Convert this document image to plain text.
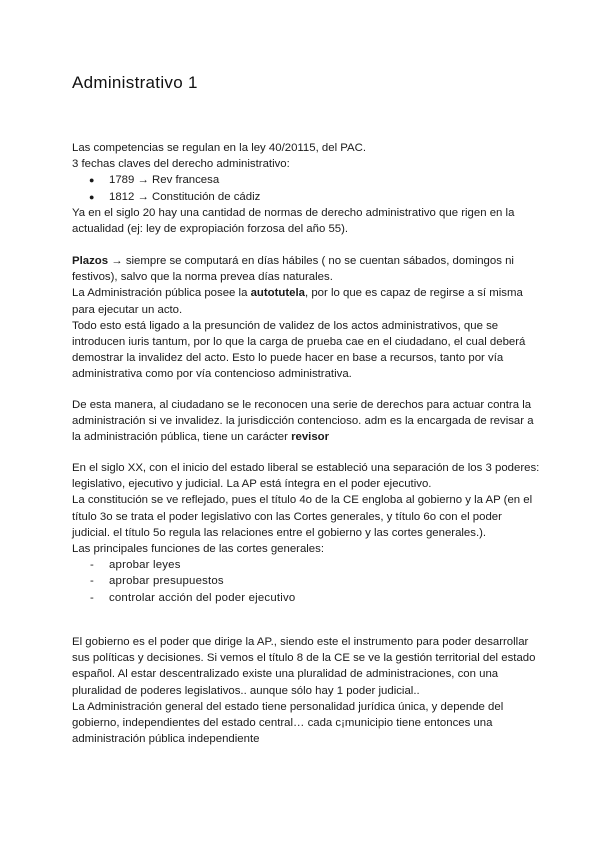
Administrativo 1

Las competencias se regulan en la ley 40/20115, del PAC.

3 fechas claves del derecho administrativo:

● 1789 → Rev francesa
● 1812 → Constitución de cádiz

Ya en el siglo 20 hay una cantidad de normas de derecho administrativo que rigen en la actualidad (ej: ley de expropiación forzosa del año 55).

Plazos → siempre se computará en días hábiles ( no se cuentan sábados, domingos ni festivos), salvo que la norma prevea días naturales.

La Administración pública posee la autotutela, por lo que es capaz de regirse a sí misma para ejecutar un acto.

Todo esto está ligado a la presunción de validez de los actos administrativos, que se introducen iuris tantum, por lo que la carga de prueba cae en el ciudadano, el cual deberá demostrar la invalidez del acto. Esto lo puede hacer en base a recursos, tanto por vía administrativa como por vía contencioso administrativa.

De esta manera, al ciudadano se le reconocen una serie de derechos para actuar contra la administración si ve invalidez. la jurisdicción contencioso. adm es la encargada de revisar a la administración pública, tiene un carácter revisor

En el siglo XX, con el inicio del estado liberal se estableció una separación de los 3 poderes: legislativo, ejecutivo y judicial. La AP está íntegra en el poder ejecutivo.

La constitución se ve reflejado, pues el título 4o de la CE engloba al gobierno y la AP (en el título 3o se trata el poder legislativo con las Cortes generales, y título 6o con el poder judicial. el título 5o regula las relaciones entre el gobierno y las cortes generales.).

Las principales funciones de las cortes generales:

- aprobar leyes
- aprobar presupuestos
- controlar acción del poder ejecutivo

El gobierno es el poder que dirige la AP., siendo este el instrumento para poder desarrollar sus políticas y decisiones. Si vemos el título 8 de la CE se ve la gestión territorial del estado español. Al estar descentralizado existe una pluralidad de administraciones, con una pluralidad de poderes legislativos.. aunque sólo hay 1 poder judicial..

La Administración general del estado tiene personalidad jurídica única, y depende del gobierno, independientes del estado central… cada c¡municipio tiene entonces una administración pública independiente
